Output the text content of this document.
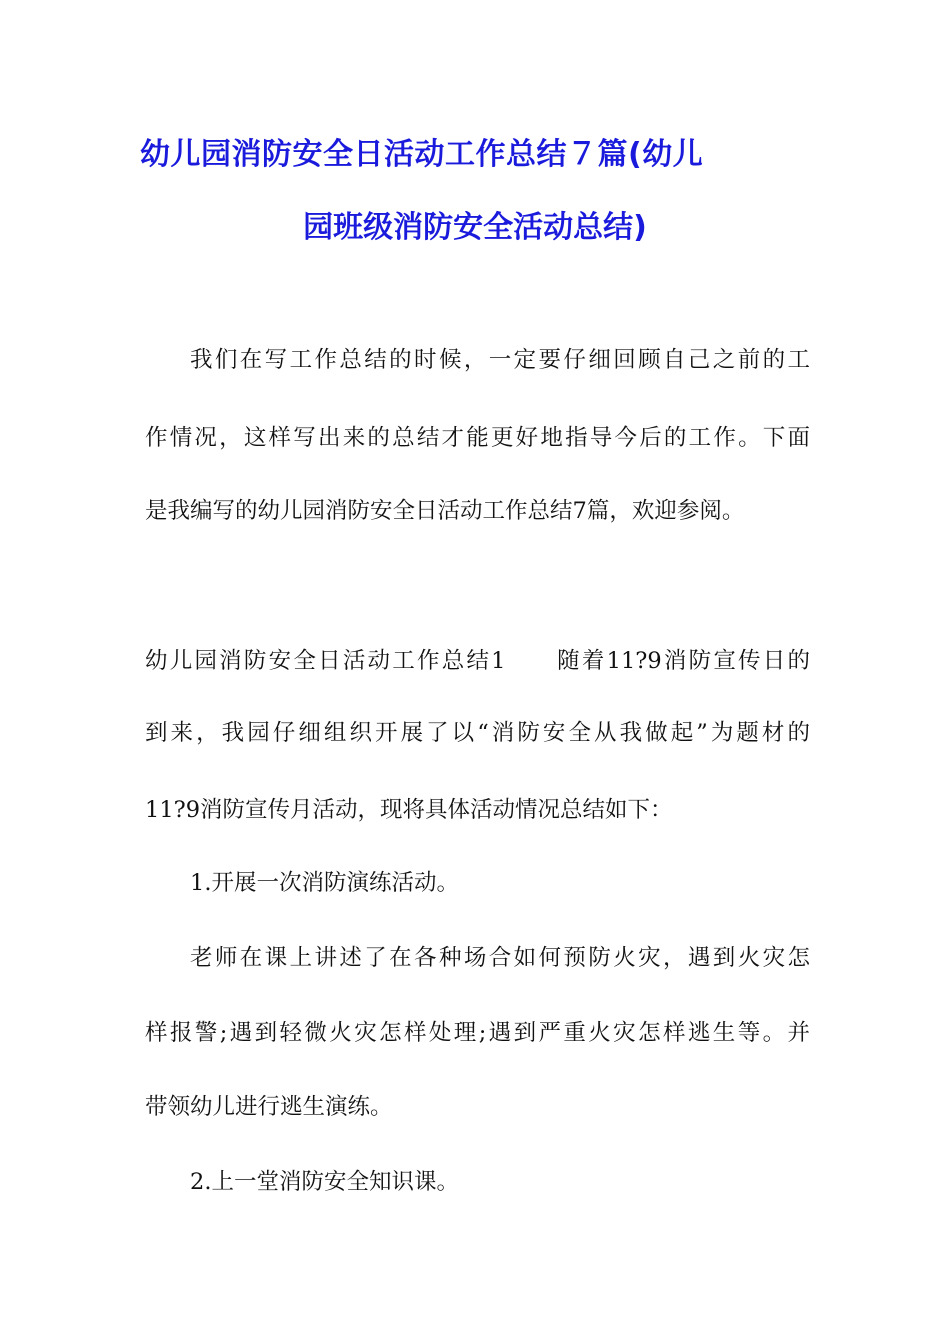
幼儿园消防安全日活动工作总结７篇(幼儿
园班级消防安全活动总结)
我们在写工作总结的时候，一定要仔细回顾自己之前的工
作情况，这样写出来的总结才能更好地指导今后的工作。下面
是我编写的幼儿园消防安全日活动工作总结7篇，欢迎参阅。
幼儿园消防安全日活动工作总结1　　随着11?9消防宣传日的
到来，我园仔细组织开展了以“消防安全从我做起”为题材的
11?9消防宣传月活动，现将具体活动情况总结如下：
1.开展一次消防演练活动。
老师在课上讲述了在各种场合如何预防火灾，遇到火灾怎
样报警;遇到轻微火灾怎样处理;遇到严重火灾怎样逃生等。并
带领幼儿进行逃生演练。
2.上一堂消防安全知识课。
